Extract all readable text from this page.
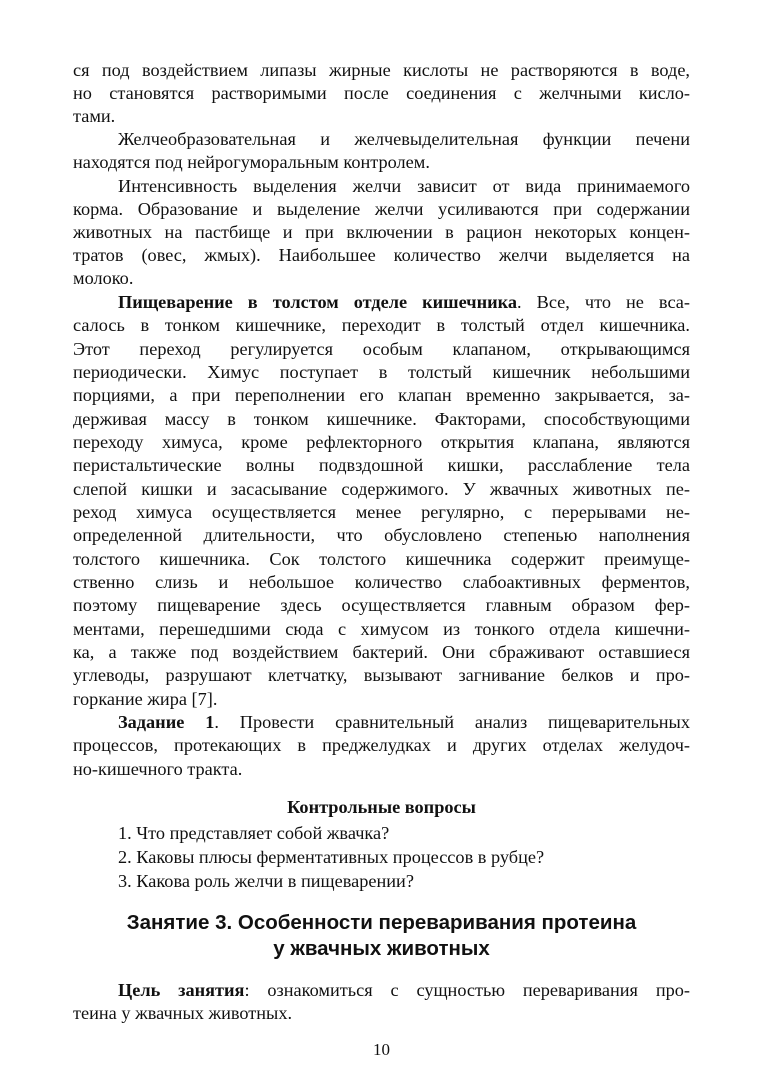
ся под воздействием липазы жирные кислоты не растворяются в воде,
но становятся растворимыми после соединения с желчными кисло-
тами.
Желчеобразовательная и желчевыделительная функции печени
находятся под нейрогуморальным контролем.
Интенсивность выделения желчи зависит от вида принимаемого
корма. Образование и выделение желчи усиливаются при содержании
животных на пастбище и при включении в рацион некоторых концен-
тратов (овес, жмых). Наибольшее количество желчи выделяется на
молоко.
Пищеварение в толстом отделе кишечника. Все, что не вса-
салось в тонком кишечнике, переходит в толстый отдел кишечника.
Этот переход регулируется особым клапаном, открывающимся
периодически. Химус поступает в толстый кишечник небольшими
порциями, а при переполнении его клапан временно закрывается, за-
держивая массу в тонком кишечнике. Факторами, способствующими
переходу химуса, кроме рефлекторного открытия клапана, являются
перистальтические волны подвздошной кишки, расслабление тела
слепой кишки и засасывание содержимого. У жвачных животных пе-
реход химуса осуществляется менее регулярно, с перерывами не-
определенной длительности, что обусловлено степенью наполнения
толстого кишечника. Сок толстого кишечника содержит преимуще-
ственно слизь и небольшое количество слабоактивных ферментов,
поэтому пищеварение здесь осуществляется главным образом фер-
ментами, перешедшими сюда с химусом из тонкого отдела кишечни-
ка, а также под воздействием бактерий. Они сбраживают оставшиеся
углеводы, разрушают клетчатку, вызывают загнивание белков и про-
горкание жира [7].
Задание 1. Провести сравнительный анализ пищеварительных
процессов, протекающих в преджелудках и других отделах желудоч-
но-кишечного тракта.
Контрольные вопросы
1. Что представляет собой жвачка?
2. Каковы плюсы ферментативных процессов в рубце?
3. Какова роль желчи в пищеварении?
Занятие 3. Особенности переваривания протеина
у жвачных животных
Цель занятия: ознакомиться с сущностью переваривания про-
теина у жвачных животных.
10
